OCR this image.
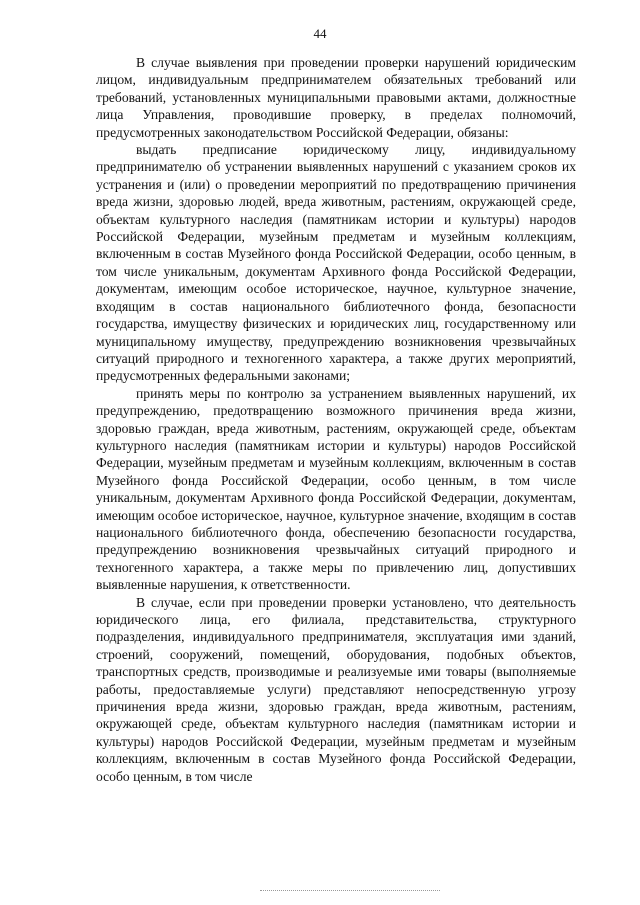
44

В случае выявления при проведении проверки нарушений юридическим лицом, индивидуальным предпринимателем обязательных требований или требований, установленных муниципальными правовыми актами, должностные лица Управления, проводившие проверку, в пределах полномочий, предусмотренных законодательством Российской Федерации, обязаны:

выдать предписание юридическому лицу, индивидуальному предпринимателю об устранении выявленных нарушений с указанием сроков их устранения и (или) о проведении мероприятий по предотвращению причинения вреда жизни, здоровью людей, вреда животным, растениям, окружающей среде, объектам культурного наследия (памятникам истории и культуры) народов Российской Федерации, музейным предметам и музейным коллекциям, включенным в состав Музейного фонда Российской Федерации, особо ценным, в том числе уникальным, документам Архивного фонда Российской Федерации, документам, имеющим особое историческое, научное, культурное значение, входящим в состав национального библиотечного фонда, безопасности государства, имуществу физических и юридических лиц, государственному или муниципальному имуществу, предупреждению возникновения чрезвычайных ситуаций природного и техногенного характера, а также других мероприятий, предусмотренных федеральными законами;

принять меры по контролю за устранением выявленных нарушений, их предупреждению, предотвращению возможного причинения вреда жизни, здоровью граждан, вреда животным, растениям, окружающей среде, объектам культурного наследия (памятникам истории и культуры) народов Российской Федерации, музейным предметам и музейным коллекциям, включенным в состав Музейного фонда Российской Федерации, особо ценным, в том числе уникальным, документам Архивного фонда Российской Федерации, документам, имеющим особое историческое, научное, культурное значение, входящим в состав национального библиотечного фонда, обеспечению безопасности государства, предупреждению возникновения чрезвычайных ситуаций природного и техногенного характера, а также меры по привлечению лиц, допустивших выявленные нарушения, к ответственности.

В случае, если при проведении проверки установлено, что деятельность юридического лица, его филиала, представительства, структурного подразделения, индивидуального предпринимателя, эксплуатация ими зданий, строений, сооружений, помещений, оборудования, подобных объектов, транспортных средств, производимые и реализуемые ими товары (выполняемые работы, предоставляемые услуги) представляют непосредственную угрозу причинения вреда жизни, здоровью граждан, вреда животным, растениям, окружающей среде, объектам культурного наследия (памятникам истории и культуры) народов Российской Федерации, музейным предметам и музейным коллекциям, включенным в состав Музейного фонда Российской Федерации, особо ценным, в том числе
